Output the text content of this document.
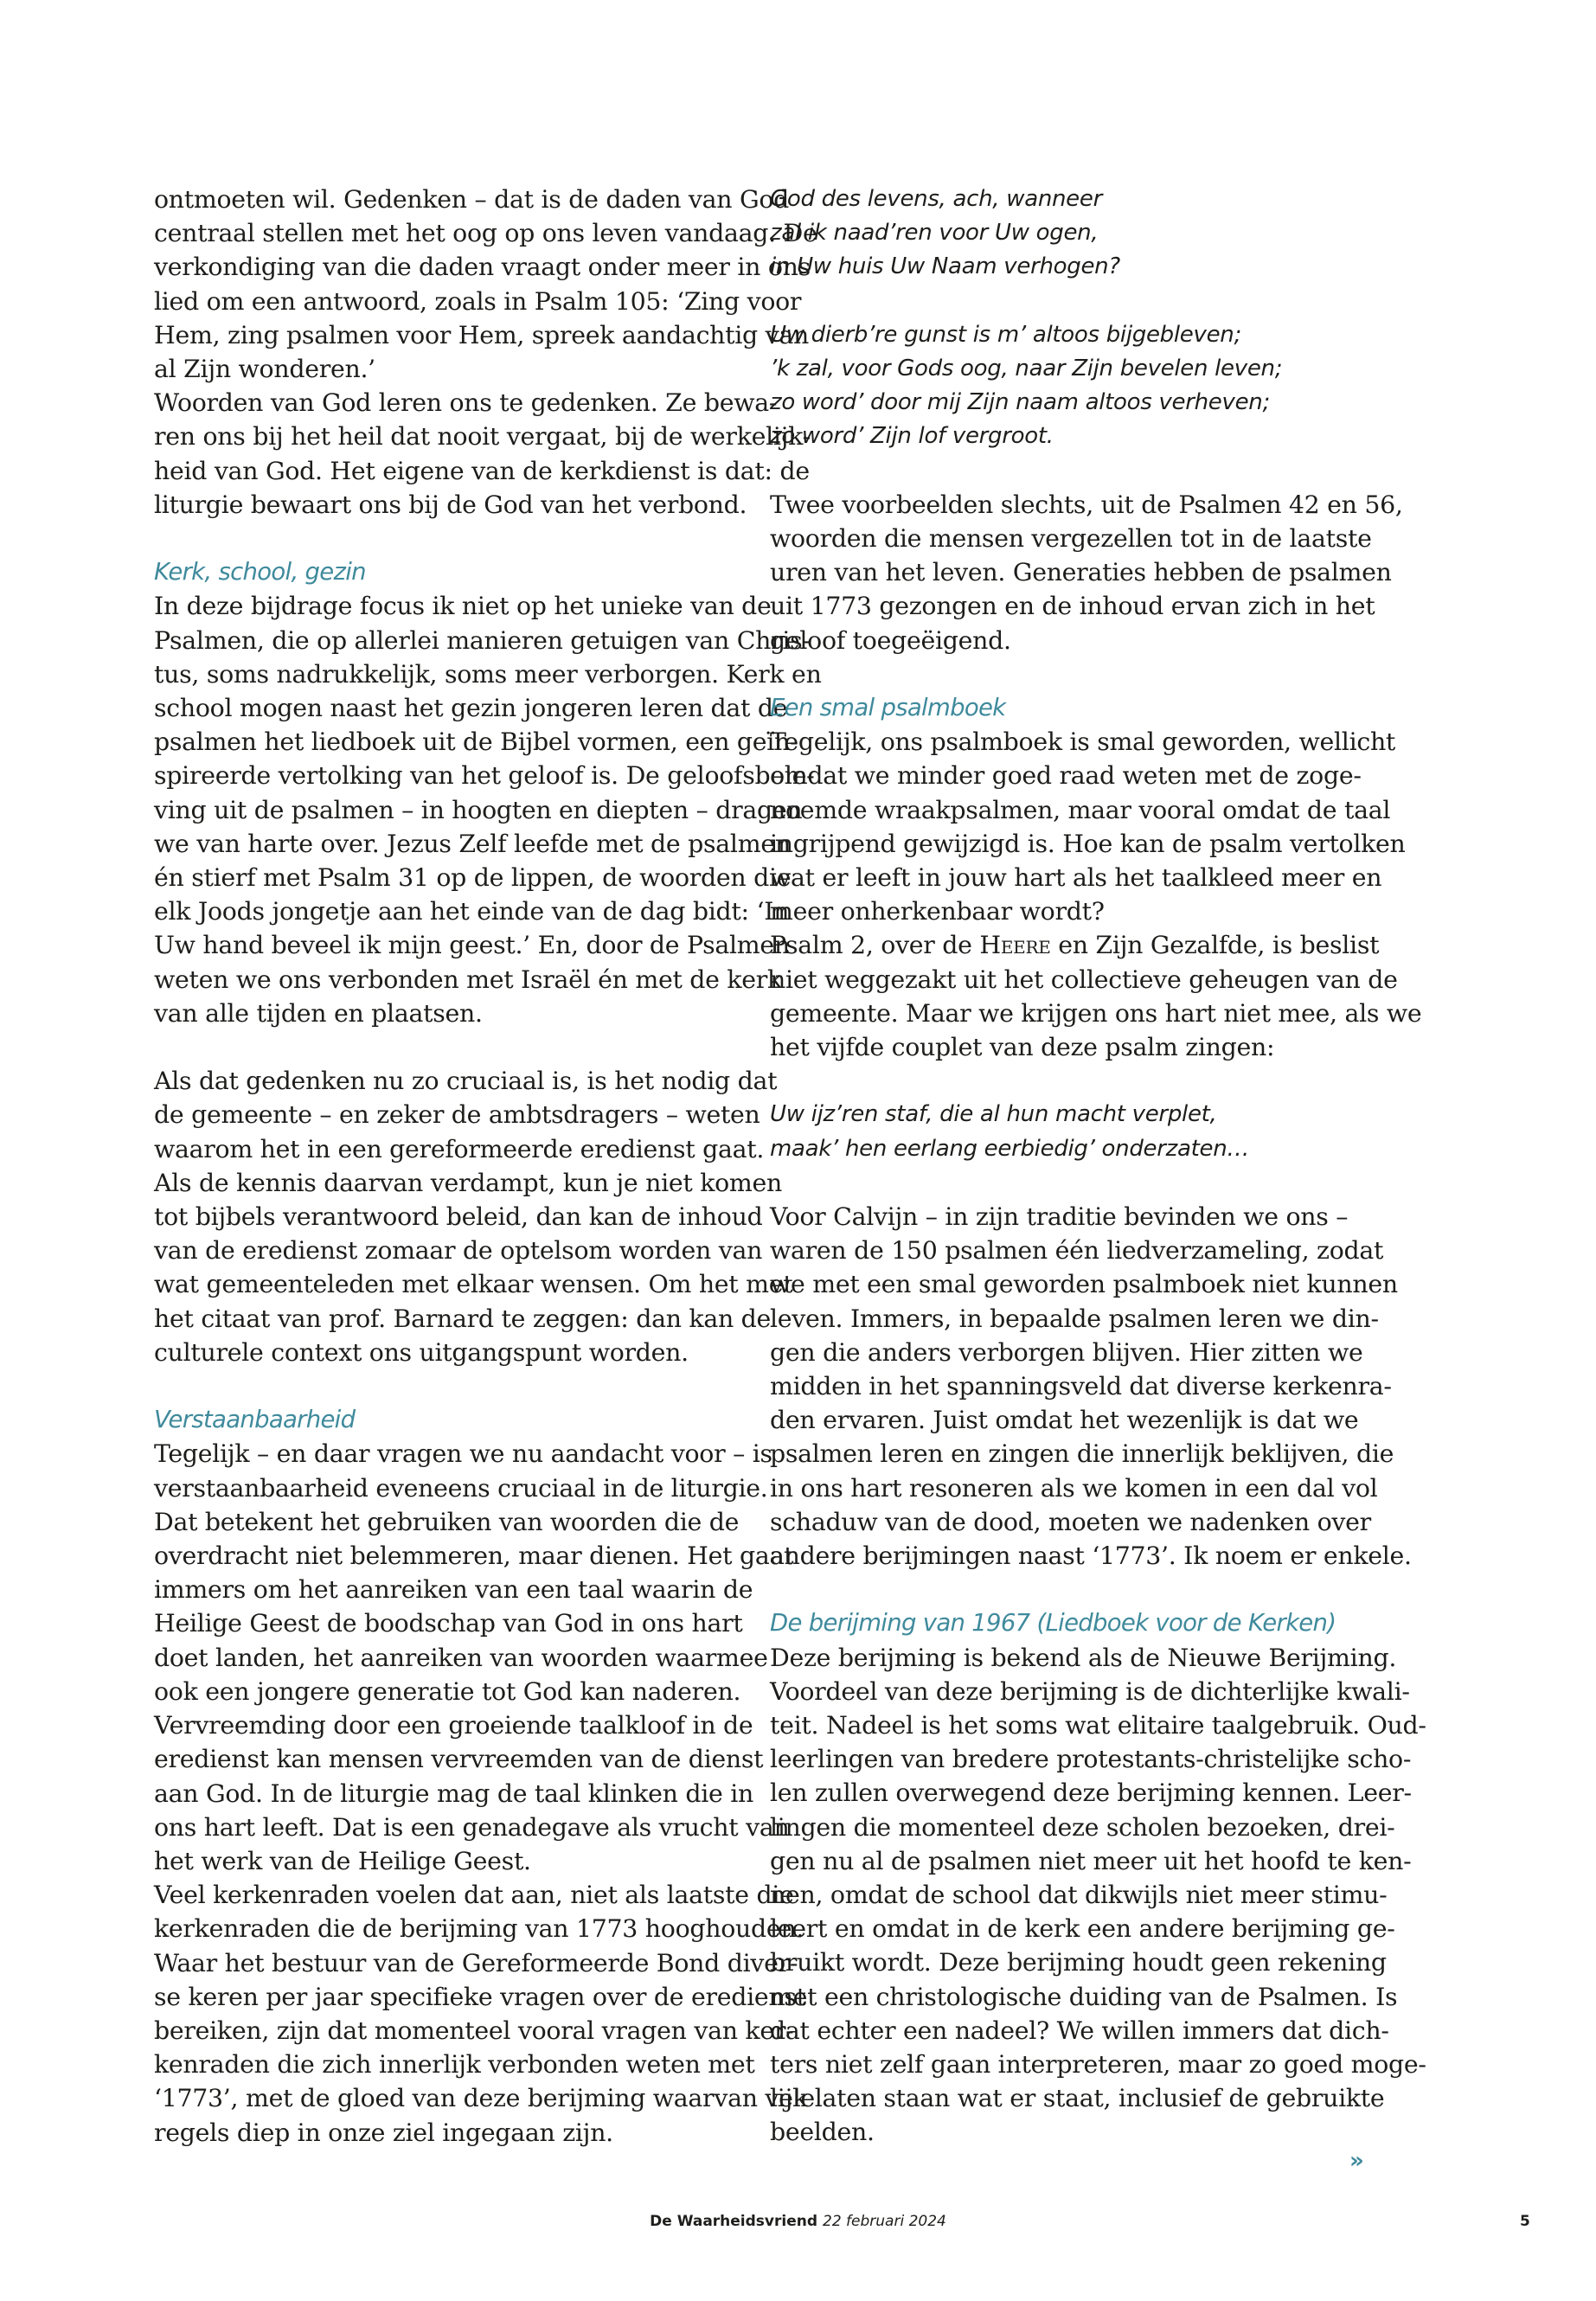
ontmoeten wil. Gedenken – dat is de daden van God
centraal stellen met het oog op ons leven vandaag. De
verkondiging van die daden vraagt onder meer in ons
lied om een antwoord, zoals in Psalm 105: ‘Zing voor
Hem, zing psalmen voor Hem, spreek aandachtig van
al Zijn wonderen.’
Woorden van God leren ons te gedenken. Ze bewa-
ren ons bij het heil dat nooit vergaat, bij de werkelijk-
heid van God. Het eigene van de kerkdienst is dat: de
liturgie bewaart ons bij de God van het verbond.

Kerk, school, gezin

In deze bijdrage focus ik niet op het unieke van de
Psalmen, die op allerlei manieren getuigen van Chris-
tus, soms nadrukkelijk, soms meer verborgen. Kerk en
school mogen naast het gezin jongeren leren dat de
psalmen het liedboek uit de Bijbel vormen, een geïn-
spireerde vertolking van het geloof is. De geloofsbele-
ving uit de psalmen – in hoogten en diepten – dragen
we van harte over. Jezus Zelf leefde met de psalmen
én stierf met Psalm 31 op de lippen, de woorden die
elk Joods jongetje aan het einde van de dag bidt: ‘In
Uw hand beveel ik mijn geest.’ En, door de Psalmen
weten we ons verbonden met Israël én met de kerk
van alle tijden en plaatsen.

Als dat gedenken nu zo cruciaal is, is het nodig dat
de gemeente – en zeker de ambtsdragers – weten
waarom het in een gereformeerde eredienst gaat.
Als de kennis daarvan verdampt, kun je niet komen
tot bijbels verantwoord beleid, dan kan de inhoud
van de eredienst zomaar de optelsom worden van
wat gemeenteleden met elkaar wensen. Om het met
het citaat van prof. Barnard te zeggen: dan kan de
culturele context ons uitgangspunt worden.

Verstaanbaarheid

Tegelijk – en daar vragen we nu aandacht voor – is
verstaanbaarheid eveneens cruciaal in de liturgie.
Dat betekent het gebruiken van woorden die de
overdracht niet belemmeren, maar dienen. Het gaat
immers om het aanreiken van een taal waarin de
Heilige Geest de boodschap van God in ons hart
doet landen, het aanreiken van woorden waarmee
ook een jongere generatie tot God kan naderen.
Vervreemding door een groeiende taalkloof in de
eredienst kan mensen vervreemden van de dienst
aan God. In de liturgie mag de taal klinken die in
ons hart leeft. Dat is een genadegave als vrucht van
het werk van de Heilige Geest.
Veel kerkenraden voelen dat aan, niet als laatste die
kerkenraden die de berijming van 1773 hooghouden.
Waar het bestuur van de Gereformeerde Bond diver-
se keren per jaar specifieke vragen over de eredienst
bereiken, zijn dat momenteel vooral vragen van ker-
kenraden die zich innerlijk verbonden weten met
‘1773’, met de gloed van deze berijming waarvan vele
regels diep in onze ziel ingegaan zijn.

God des levens, ach, wanneer
zal ik naad’ren voor Uw ogen,
in Uw huis Uw Naam verhogen?

Uw dierb’re gunst is m’ altoos bijgebleven;
’k zal, voor Gods oog, naar Zijn bevelen leven;
zo word’ door mij Zijn naam altoos verheven;
zo word’ Zijn lof vergroot.

Twee voorbeelden slechts, uit de Psalmen 42 en 56,
woorden die mensen vergezellen tot in de laatste
uren van het leven. Generaties hebben de psalmen
uit 1773 gezongen en de inhoud ervan zich in het
geloof toegeëigend.

Een smal psalmboek

Tegelijk, ons psalmboek is smal geworden, wellicht
omdat we minder goed raad weten met de zoge-
noemde wraakpsalmen, maar vooral omdat de taal
ingrijpend gewijzigd is. Hoe kan de psalm vertolken
wat er leeft in jouw hart als het taalkleed meer en
meer onherkenbaar wordt?
Psalm 2, over de Heere en Zijn Gezalfde, is beslist
niet weggezakt uit het collectieve geheugen van de
gemeente. Maar we krijgen ons hart niet mee, als we
het vijfde couplet van deze psalm zingen:

Uw ijz’ren staf, die al hun macht verplet,
maak’ hen eerlang eerbiedig’ onderzaten…

Voor Calvijn – in zijn traditie bevinden we ons –
waren de 150 psalmen één liedverzameling, zodat
we met een smal geworden psalmboek niet kunnen
leven. Immers, in bepaalde psalmen leren we din-
gen die anders verborgen blijven. Hier zitten we
midden in het spanningsveld dat diverse kerkenra-
den ervaren. Juist omdat het wezenlijk is dat we
psalmen leren en zingen die innerlijk beklijven, die
in ons hart resoneren als we komen in een dal vol
schaduw van de dood, moeten we nadenken over
andere berijmingen naast ‘1773’. Ik noem er enkele.

De berijming van 1967 (Liedboek voor de Kerken)

Deze berijming is bekend als de Nieuwe Berijming.
Voordeel van deze berijming is de dichterlijke kwali-
teit. Nadeel is het soms wat elitaire taalgebruik. Oud-
leerlingen van bredere protestants-christelijke scho-
len zullen overwegend deze berijming kennen. Leer-
lingen die momenteel deze scholen bezoeken, drei-
gen nu al de psalmen niet meer uit het hoofd te ken-
nen, omdat de school dat dikwijls niet meer stimu-
leert en omdat in de kerk een andere berijming ge-
bruikt wordt. Deze berijming houdt geen rekening
met een christologische duiding van de Psalmen. Is
dat echter een nadeel? We willen immers dat dich-
ters niet zelf gaan interpreteren, maar zo goed moge-
lijk laten staan wat er staat, inclusief de gebruikte
beelden.

»
De Waarheidsvriend 22 februari 2024	5
